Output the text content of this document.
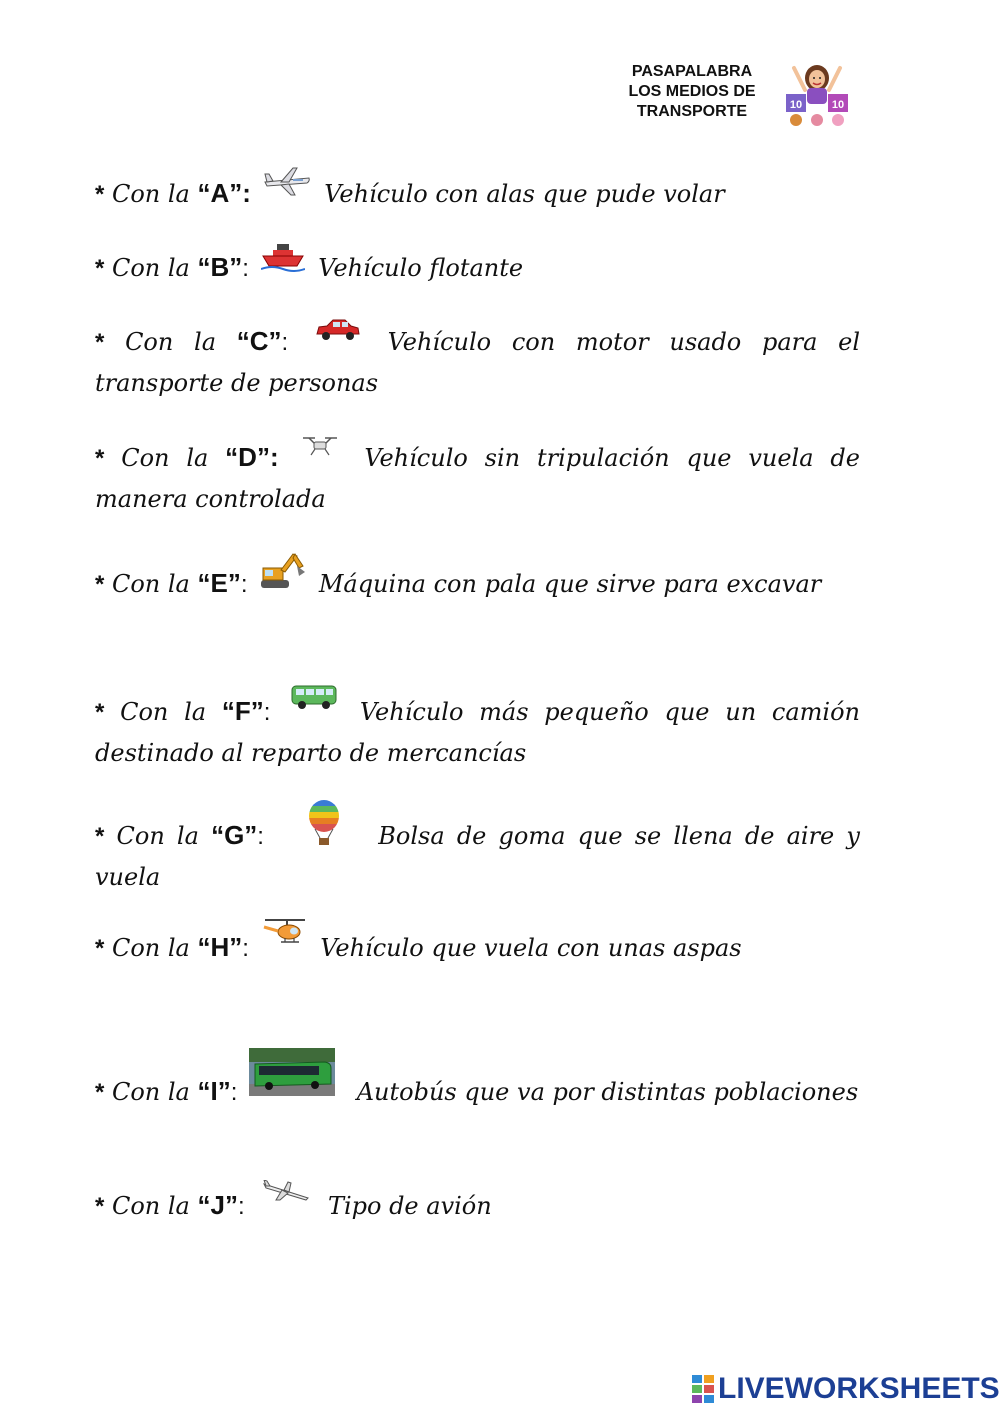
PASAPALABRA
LOS MEDIOS DE
TRANSPORTE	10	10
* Con la “A”:	Vehículo con alas que pude volar
* Con la “B”:	Vehículo flotante
* Con la “C”:	Vehículo con motor usado para el transporte de personas
* Con la “D”:	Vehículo sin tripulación que vuela de manera controlada
* Con la “E”:	Máquina con pala que sirve para excavar
* Con la “F”:	Vehículo más pequeño que un camión destinado al reparto de mercancías
* Con la “G”:	Bolsa de goma que se llena de aire y vuela
* Con la “H”:	Vehículo que vuela con unas aspas
* Con la “I”:	Autobús que va por distintas poblaciones
* Con la “J”:	Tipo de avión
LIVEWORKSHEETS
